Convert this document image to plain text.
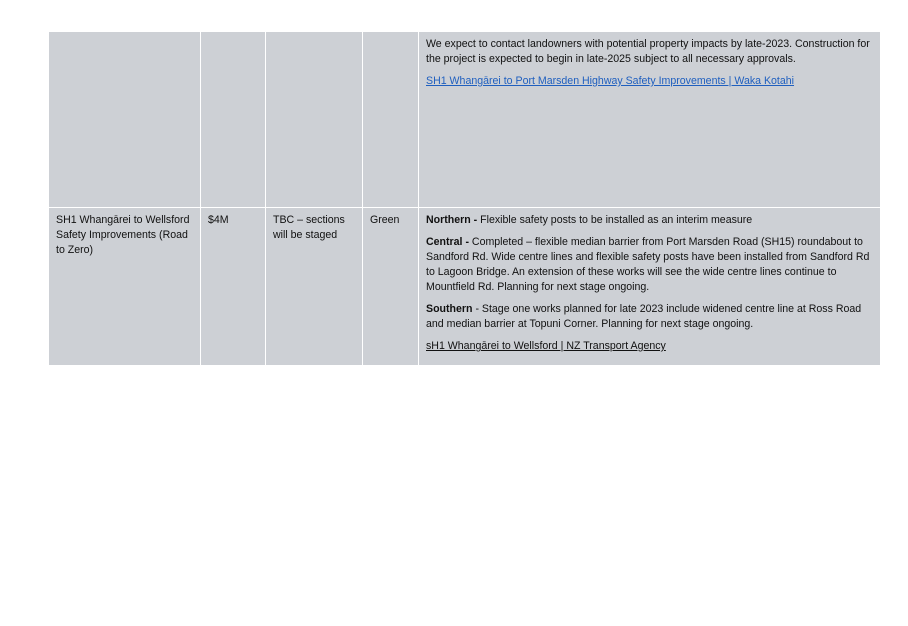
				We expect to contact landowners with potential property impacts by late-2023. Construction for the project is expected to begin in late-2025 subject to all necessary approvals.

SH1 Whangārei to Port Marsden Highway Safety Improvements | Waka Kotahi

SH1 Whangārei to Wellsford Safety Improvements (Road to Zero)	$4M	TBC – sections will be staged	Green	Northern - Flexible safety posts to be installed as an interim measure

Central - Completed – flexible median barrier from Port Marsden Road (SH15) roundabout to Sandford Rd. Wide centre lines and flexible safety posts have been installed from Sandford Rd to Lagoon Bridge. An extension of these works will see the wide centre lines continue to Mountfield Rd. Planning for next stage ongoing.

Southern - Stage one works planned for late 2023 include widened centre line at Ross Road and median barrier at Topuni Corner. Planning for next stage ongoing.

sH1 Whangārei to Wellsford | NZ Transport Agency
